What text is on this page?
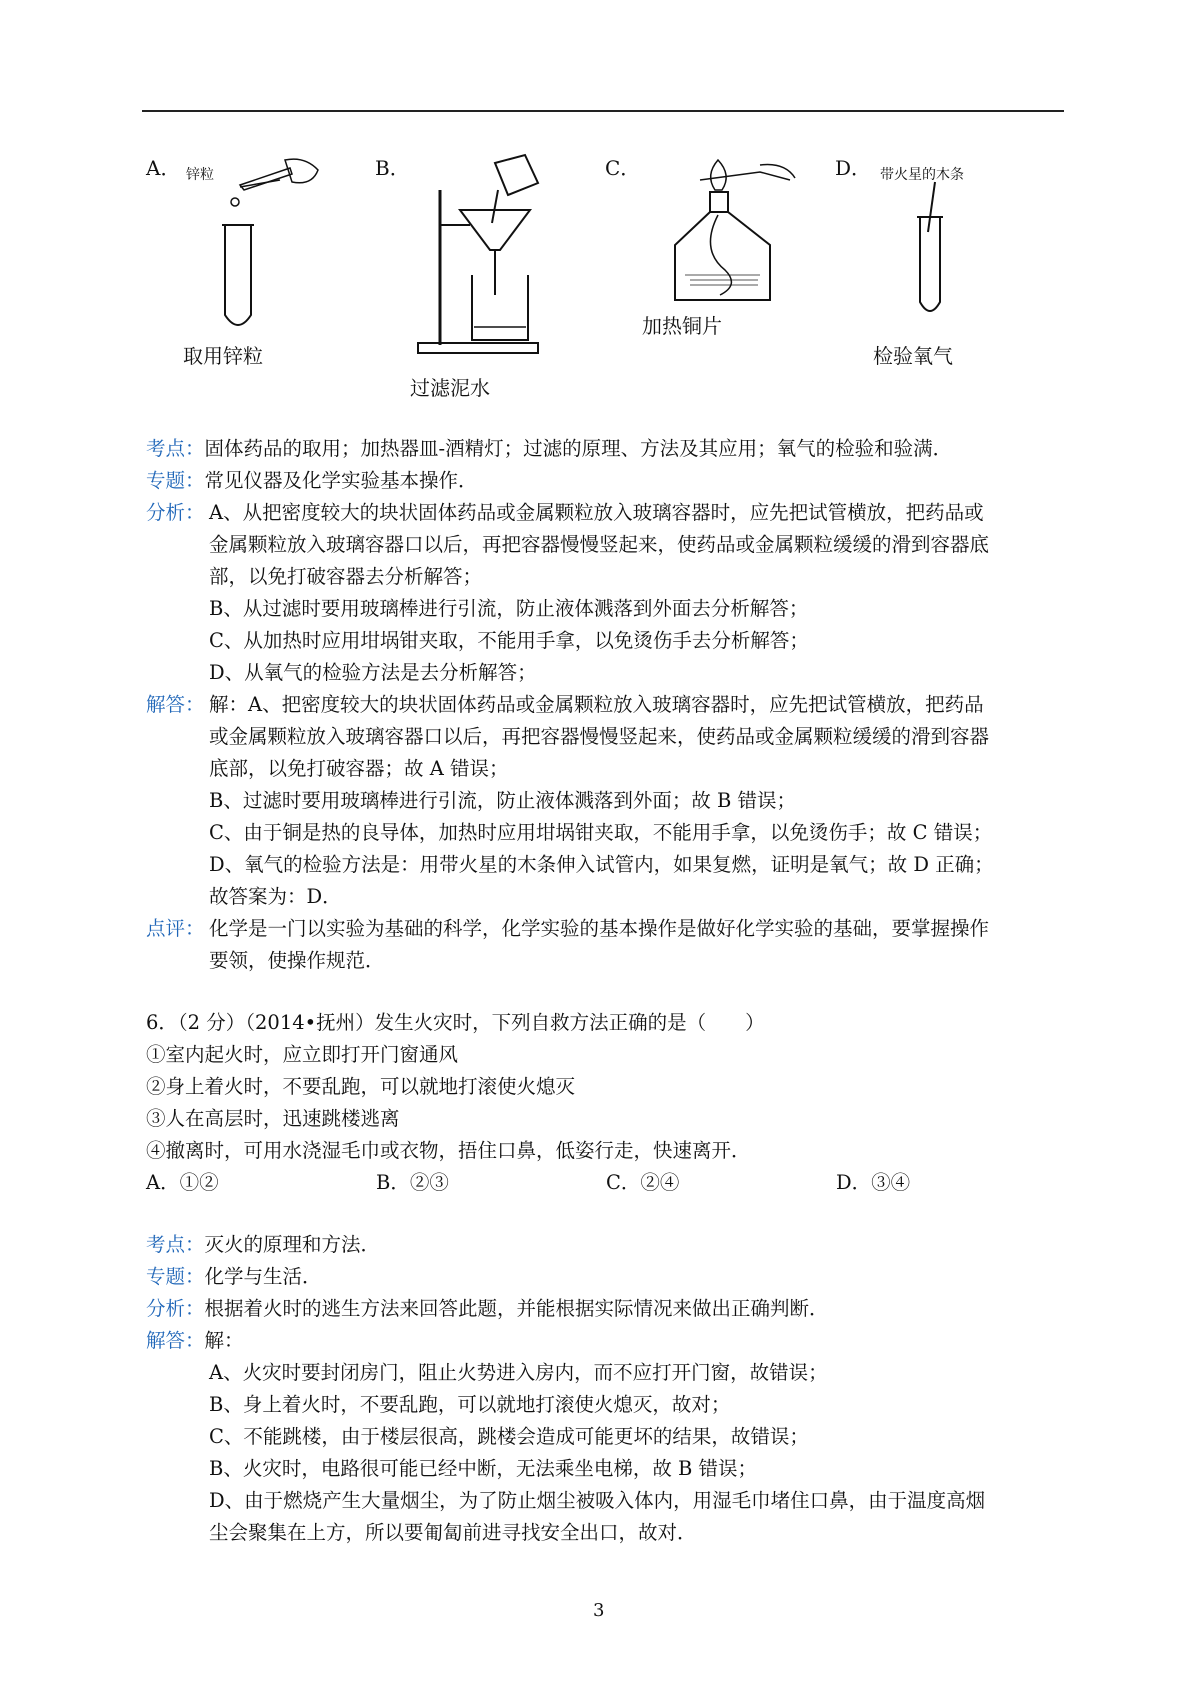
A． 锌粒
取用锌粒
B．
过滤泥水
C．
加热铜片
D． 带火星的木条
检验氧气
考点：固体药品的取用；加热器皿-酒精灯；过滤的原理、方法及其应用；氧气的检验和验满．
专题：常见仪器及化学实验基本操作．
分析： A、从把密度较大的块状固体药品或金属颗粒放入玻璃容器时，应先把试管横放，把药品或
金属颗粒放入玻璃容器口以后，再把容器慢慢竖起来，使药品或金属颗粒缓缓的滑到容器底
部，以免打破容器去分析解答；
B、从过滤时要用玻璃棒进行引流，防止液体溅落到外面去分析解答；
C、从加热时应用坩埚钳夹取，不能用手拿，以免烫伤手去分析解答；
D、从氧气的检验方法是去分析解答；
解答： 解：A、把密度较大的块状固体药品或金属颗粒放入玻璃容器时，应先把试管横放，把药品
或金属颗粒放入玻璃容器口以后，再把容器慢慢竖起来，使药品或金属颗粒缓缓的滑到容器
底部，以免打破容器；故 A 错误；
B、过滤时要用玻璃棒进行引流，防止液体溅落到外面；故 B 错误；
C、由于铜是热的良导体，加热时应用坩埚钳夹取，不能用手拿，以免烫伤手；故 C 错误；
D、氧气的检验方法是：用带火星的木条伸入试管内，如果复燃，证明是氧气；故 D 正确；
故答案为：D．
点评： 化学是一门以实验为基础的科学，化学实验的基本操作是做好化学实验的基础，要掌握操作
要领，使操作规范．
6．（2 分）（2014•抚州）发生火灾时，下列自救方法正确的是（　　）
①室内起火时，应立即打开门窗通风
②身上着火时，不要乱跑，可以就地打滚使火熄灭
③人在高层时，迅速跳楼逃离
④撤离时，可用水浇湿毛巾或衣物，捂住口鼻，低姿行走，快速离开．
A．①②	B．②③	C．②④	D．③④
考点：灭火的原理和方法．
专题：化学与生活．
分析：根据着火时的逃生方法来回答此题，并能根据实际情况来做出正确判断．
解答：解：
A、火灾时要封闭房门，阻止火势进入房内，而不应打开门窗，故错误；
B、身上着火时，不要乱跑，可以就地打滚使火熄灭，故对；
C、不能跳楼，由于楼层很高，跳楼会造成可能更坏的结果，故错误；
B、火灾时，电路很可能已经中断，无法乘坐电梯，故 B 错误；
D、由于燃烧产生大量烟尘，为了防止烟尘被吸入体内，用湿毛巾堵住口鼻，由于温度高烟
尘会聚集在上方，所以要匍匐前进寻找安全出口，故对．
3
